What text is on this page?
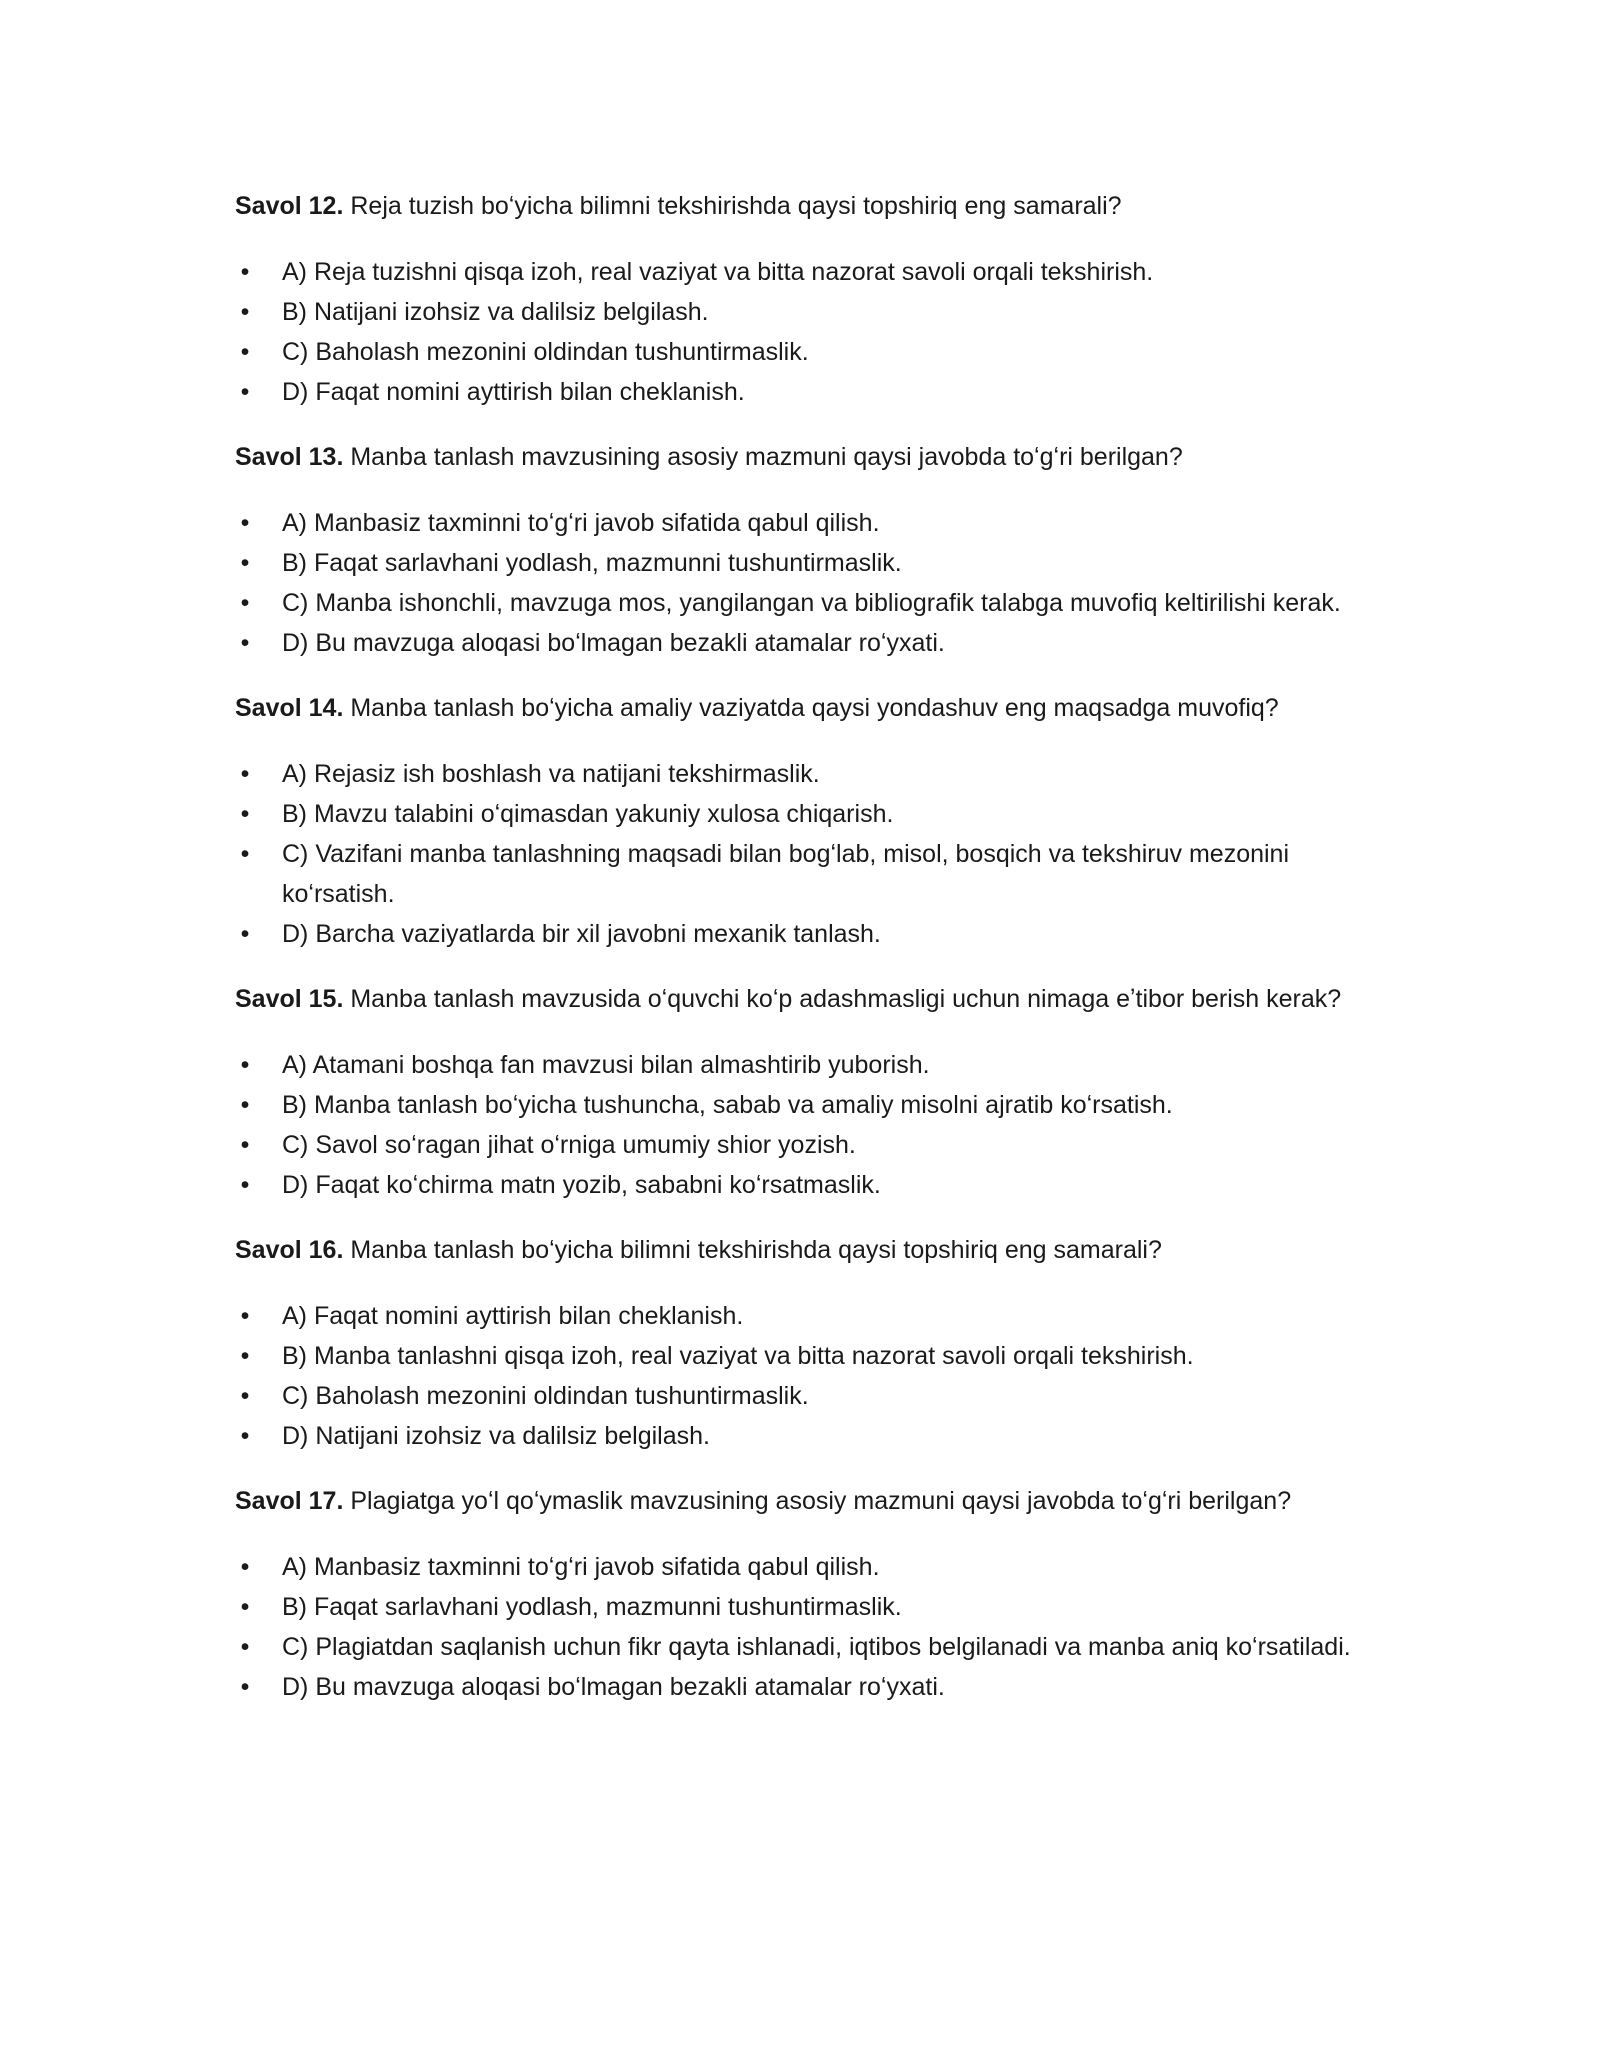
Savol 12. Reja tuzish boʻyicha bilimni tekshirishda qaysi topshiriq eng samarali?

• A) Reja tuzishni qisqa izoh, real vaziyat va bitta nazorat savoli orqali tekshirish.
• B) Natijani izohsiz va dalilsiz belgilash.
• C) Baholash mezonini oldindan tushuntirmaslik.
• D) Faqat nomini ayttirish bilan cheklanish.

Savol 13. Manba tanlash mavzusining asosiy mazmuni qaysi javobda toʻgʻri berilgan?

• A) Manbasiz taxminni toʻgʻri javob sifatida qabul qilish.
• B) Faqat sarlavhani yodlash, mazmunni tushuntirmaslik.
• C) Manba ishonchli, mavzuga mos, yangilangan va bibliografik talabga muvofiq keltirilishi kerak.
• D) Bu mavzuga aloqasi boʻlmagan bezakli atamalar roʻyxati.

Savol 14. Manba tanlash boʻyicha amaliy vaziyatda qaysi yondashuv eng maqsadga muvofiq?

• A) Rejasiz ish boshlash va natijani tekshirmaslik.
• B) Mavzu talabini oʻqimasdan yakuniy xulosa chiqarish.
• C) Vazifani manba tanlashning maqsadi bilan bogʻlab, misol, bosqich va tekshiruv mezonini koʻrsatish.
• D) Barcha vaziyatlarda bir xil javobni mexanik tanlash.

Savol 15. Manba tanlash mavzusida oʻquvchi koʻp adashmasligi uchun nimaga eʼtibor berish kerak?

• A) Atamani boshqa fan mavzusi bilan almashtirib yuborish.
• B) Manba tanlash boʻyicha tushuncha, sabab va amaliy misolni ajratib koʻrsatish.
• C) Savol soʻragan jihat oʻrniga umumiy shior yozish.
• D) Faqat koʻchirma matn yozib, sababni koʻrsatmaslik.

Savol 16. Manba tanlash boʻyicha bilimni tekshirishda qaysi topshiriq eng samarali?

• A) Faqat nomini ayttirish bilan cheklanish.
• B) Manba tanlashni qisqa izoh, real vaziyat va bitta nazorat savoli orqali tekshirish.
• C) Baholash mezonini oldindan tushuntirmaslik.
• D) Natijani izohsiz va dalilsiz belgilash.

Savol 17. Plagiatga yoʻl qoʻymaslik mavzusining asosiy mazmuni qaysi javobda toʻgʻri berilgan?

• A) Manbasiz taxminni toʻgʻri javob sifatida qabul qilish.
• B) Faqat sarlavhani yodlash, mazmunni tushuntirmaslik.
• C) Plagiatdan saqlanish uchun fikr qayta ishlanadi, iqtibos belgilanadi va manba aniq koʻrsatiladi.
• D) Bu mavzuga aloqasi boʻlmagan bezakli atamalar roʻyxati.
